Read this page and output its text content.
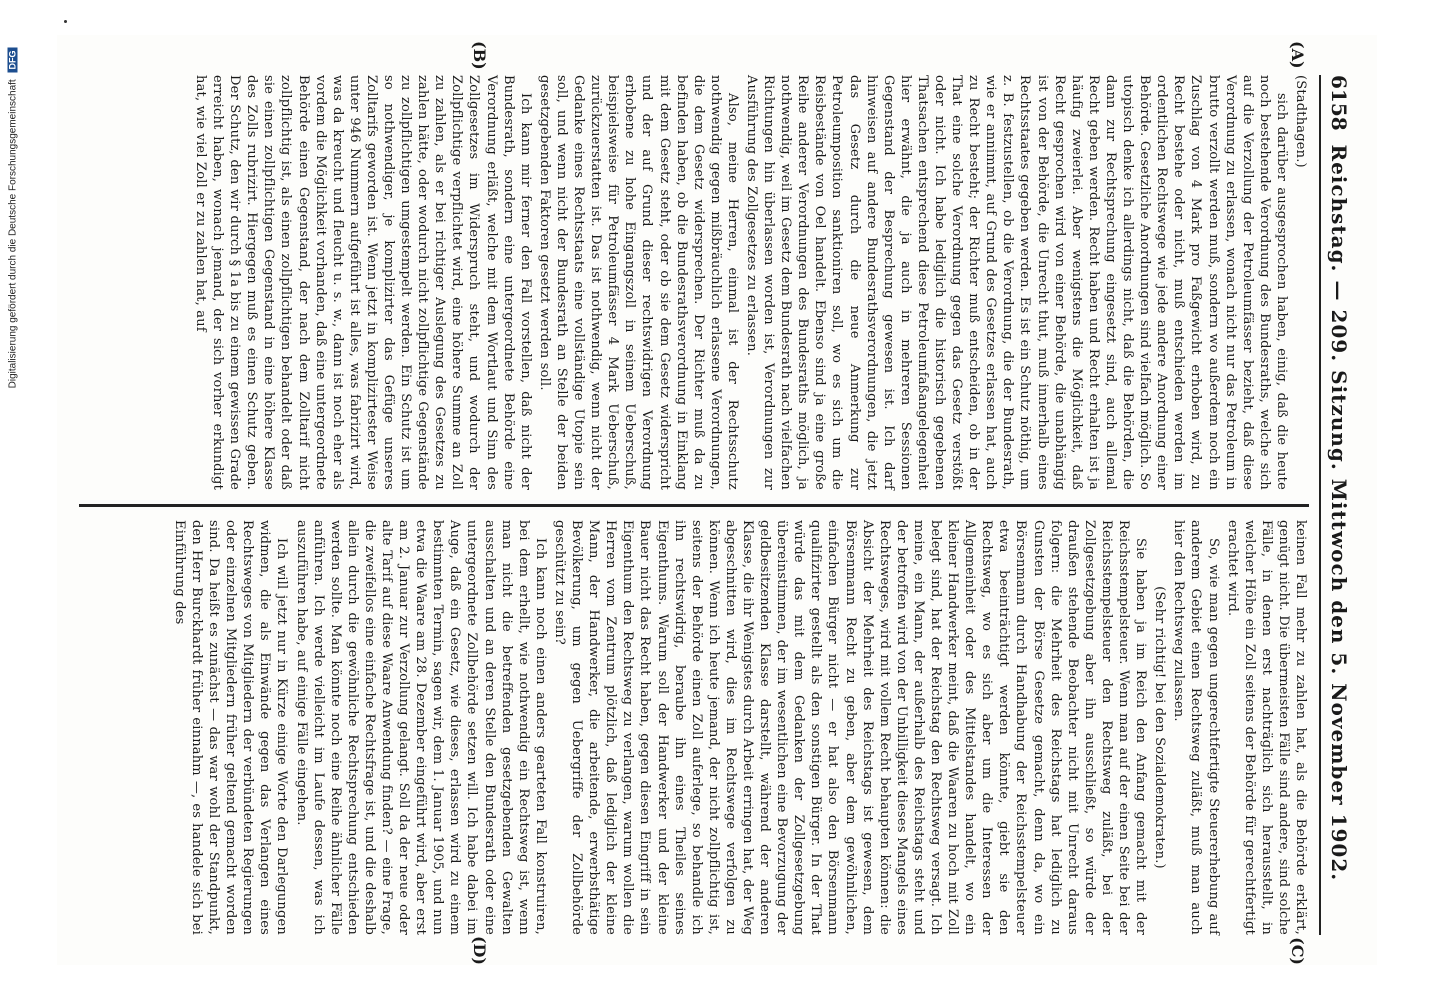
6158
Reichstag. — 209. Sitzung. Mittwoch den 5. November 1902.
(A)
(B)

(Stadthagen.)

sich darüber ausgesprochen haben, einig, daß die heute noch bestehende Verordnung des Bundesraths, welche sich auf die Verzollung der Petroleumfässer bezieht, daß diese Verordnung zu erlassen, wonach nicht nur das Petroleum in brutto verzollt werden muß, sondern wo außerdem noch ein Zuschlag von 4 Mark pro Faßgewicht erhoben wird, zu Recht bestehe oder nicht, muß entschieden werden im ordentlichen Rechtswege wie jede andere Anordnung einer Behörde. Gesetzliche Anordnungen sind vielfach möglich. So utopisch denke ich allerdings nicht, daß die Behörden, die dann zur Rechtsprechung eingesetzt sind, auch allemal Recht geben werden. Recht haben und Recht erhalten ist ja häufig zweierlei. Aber wenigstens die Möglichkeit, daß Recht gesprochen wird von einer Behörde, die unabhängig ist von der Behörde, die Unrecht thut, muß innerhalb eines Rechtsstaates gegeben werden. Es ist ein Schutz nöthig, um z. B. festzustellen, ob die Verordnung, die der Bundesrath, wie er annimmt, auf Grund des Gesetzes erlassen hat, auch zu Recht besteht; der Richter muß entscheiden, ob in der That eine solche Verordnung gegen das Gesetz verstößt oder nicht. Ich habe lediglich die historisch gegebenen Thatsachen entsprechend diese Petroleumfaßangelegenheit hier erwähnt, die ja auch in mehreren Sessionen Gegenstand der Besprechung gewesen ist. Ich darf hinweisen auf andere Bundesrathsverordnungen, die jetzt das Gesetz durch die neue Anmerkung zur Petroleumposition sanktioniren soll, wo es sich um die Reisbestände von Oel handelt. Ebenso sind ja eine große Reihe anderer Verordnungen des Bundesraths möglich, ja nothwendig, weil im Gesetz dem Bundesrath nach vielfachen Richtungen hin überlassen worden ist, Verordnungen zur Ausführung des Zollgesetzes zu erlassen.

Also, meine Herren, einmal ist der Rechtsschutz nothwendig gegen mißbräuchlich erlassene Verordnungen, die dem Gesetz widersprechen. Der Richter muß da zu befinden haben, ob die Bundesrathsverordnung in Einklang mit dem Gesetz steht, oder ob sie dem Gesetz widerspricht und der auf Grund dieser rechtswidrigen Verordnung erhobene zu hohe Eingangszoll in seinem Ueberschuß, beispielsweise für Petroleumfässer 4 Mark Ueberschuß, zurückzuerstatten ist. Das ist nothwendig, wenn nicht der Gedanke eines Rechtsstaats eine vollständige Utopie sein soll, und wenn nicht der Bundesrath an Stelle der beiden gesetzgebenden Faktoren gesetzt werden soll.

Ich kann mir ferner den Fall vorstellen, daß nicht der Bundesrath, sondern eine untergeordnete Behörde eine Verordnung erläßt, welche mit dem Wortlaut und Sinn des Zollgesetzes im Widerspruch steht, und wodurch der Zollpflichtige verpflichtet wird, eine höhere Summe an Zoll zu zahlen, als er bei richtiger Auslegung des Gesetzes zu zahlen hätte, oder wodurch nicht zollpflichtige Gegenstände zu zollpflichtigen umgestempelt werden. Ein Schutz ist um so nothwendiger, je komplizirter das Gefüge unseres Zolltarifs geworden ist. Wenn jetzt in komplizirtester Weise unter 946 Nummern aufgeführt ist alles, was fabrizirt wird, was da kreucht und fleucht u. s. w., dann ist noch eher als vordem die Möglichkeit vorhanden, daß eine untergeordnete Behörde einen Gegenstand, der nach dem Zolltarif nicht zollpflichtig ist, als einen zollpflichtigen behandelt oder daß sie einen zollpflichtigen Gegenstand in eine höhere Klasse des Zolls rubrizirt. Hiergegen muß es einen Schutz geben. Der Schutz, den wir durch § 1a bis zu einem gewissen Grade erreicht haben, wonach jemand, der sich vorher erkundigt hat, wie viel Zoll er zu zahlen hat, auf

(C)
(D)

keinen Fall mehr zu zahlen hat, als die Behörde erklärt, genügt nicht. Die übermeisten Fälle sind andere, sind solche Fälle, in denen erst nachträglich sich herausstellt, in welcher Höhe ein Zoll seitens der Behörde für gerechtfertigt erachtet wird.

So, wie man gegen ungerechtfertigte Steuererhebung auf anderem Gebiet einen Rechtsweg zuläßt, muß man auch hier den Rechtsweg zulassen.

(Sehr richtig! bei den Sozialdemokraten.)

Sie haben ja im Reich den Anfang gemacht mit der Reichsstempelsteuer. Wenn man auf der einen Seite bei der Reichsstempelsteuer den Rechtsweg zuläßt, bei der Zollgesetzgebung aber ihn ausschließt, so würde der draußen stehende Beobachter nicht mit Unrecht daraus folgern: die Mehrheit des Reichstags hat lediglich zu Gunsten der Börse Gesetze gemacht, denn da, wo ein Börsenmann durch Handhabung der Reichsstempelsteuer etwa beeinträchtigt werden könnte, giebt sie den Rechtsweg, wo es sich aber um die Interessen der Allgemeinheit oder des Mittelstandes handelt, wo ein kleiner Handwerker meint, daß die Waaren zu hoch mit Zoll belegt sind, hat der Reichstag den Rechtsweg versagt. Ich meine, ein Mann, der außerhalb des Reichstags steht und der betroffen wird von der Unbilligkeit dieses Mangels eines Rechtsweges, wird mit vollem Recht behaupten können: die Absicht der Mehrheit des Reichstags ist gewesen, dem Börsenmann Recht zu geben, aber dem gewöhnlichen, einfachen Bürger nicht — er hat also den Börsenmann qualifizirter gestellt als den sonstigen Bürger. In der That würde das mit dem Gedanken der Zollgesetzgebung übereinstimmen, der im wesentlichen eine Bevorzugung der geldbesitzenden Klasse darstellt, während der anderen Klasse, die ihr Wenigstes durch Arbeit erringen hat, der Weg abgeschnitten wird, dies im Rechtswege verfolgen zu können. Wenn ich heute jemand, der nicht zollpflichtig ist, seitens der Behörde einen Zoll auferlege, so behandle ich ihn rechtswidrig, beraube ihn eines Theiles seines Eigenthums. Warum soll der Handwerker und der kleine Bauer nicht das Recht haben, gegen diesen Eingriff in sein Eigenthum den Rechtsweg zu verlangen, warum wollen die Herren vom Zentrum plötzlich, daß lediglich der kleine Mann, der Handwerker, die arbeitende, erwerbsthätige Bevölkerung, um gegen Uebergriffe der Zollbehörde geschützt zu sein?

Ich kann noch einen anders gearteten Fall konstruiren, bei dem erhellt, wie nothwendig ein Rechtsweg ist, wenn man nicht die betreffenden gesetzgebenden Gewalten ausschalten und an deren Stelle den Bundesrath oder eine untergeordnete Zollbehörde setzen will. Ich habe dabei im Auge, daß ein Gesetz, wie dieses, erlassen wird zu einem bestimmten Termin, sagen wir, dem 1. Januar 1905, und nun etwa die Waare am 28. Dezember eingeführt wird, aber erst am 2. Januar zur Verzollung gelangt. Soll da der neue oder alte Tarif auf diese Waare Anwendung finden? — eine Frage, die zweifellos eine einfache Rechtsfrage ist, und die deshalb allein durch die gewöhnliche Rechtsprechung entschieden werden sollte. Man könnte noch eine Reihe ähnlicher Fälle anführen. Ich werde vielleicht im Laufe dessen, was ich auszuführen habe, auf einige Fälle eingehen.

Ich will jetzt nur in Kürze einige Worte den Darlegungen widmen, die als Einwände gegen das Verlangen eines Rechtsweges von Mitgliedern der verbündeten Regierungen oder einzelnen Mitgliedern früher geltend gemacht worden sind. Da heißt es zunächst — das war wohl der Standpunkt, den Herr Burckhardt früher einnahm —, es handele sich bei Einführung des

Digitalisierung gefördert durch die Deutsche Forschungsgemeinschaft DFG
